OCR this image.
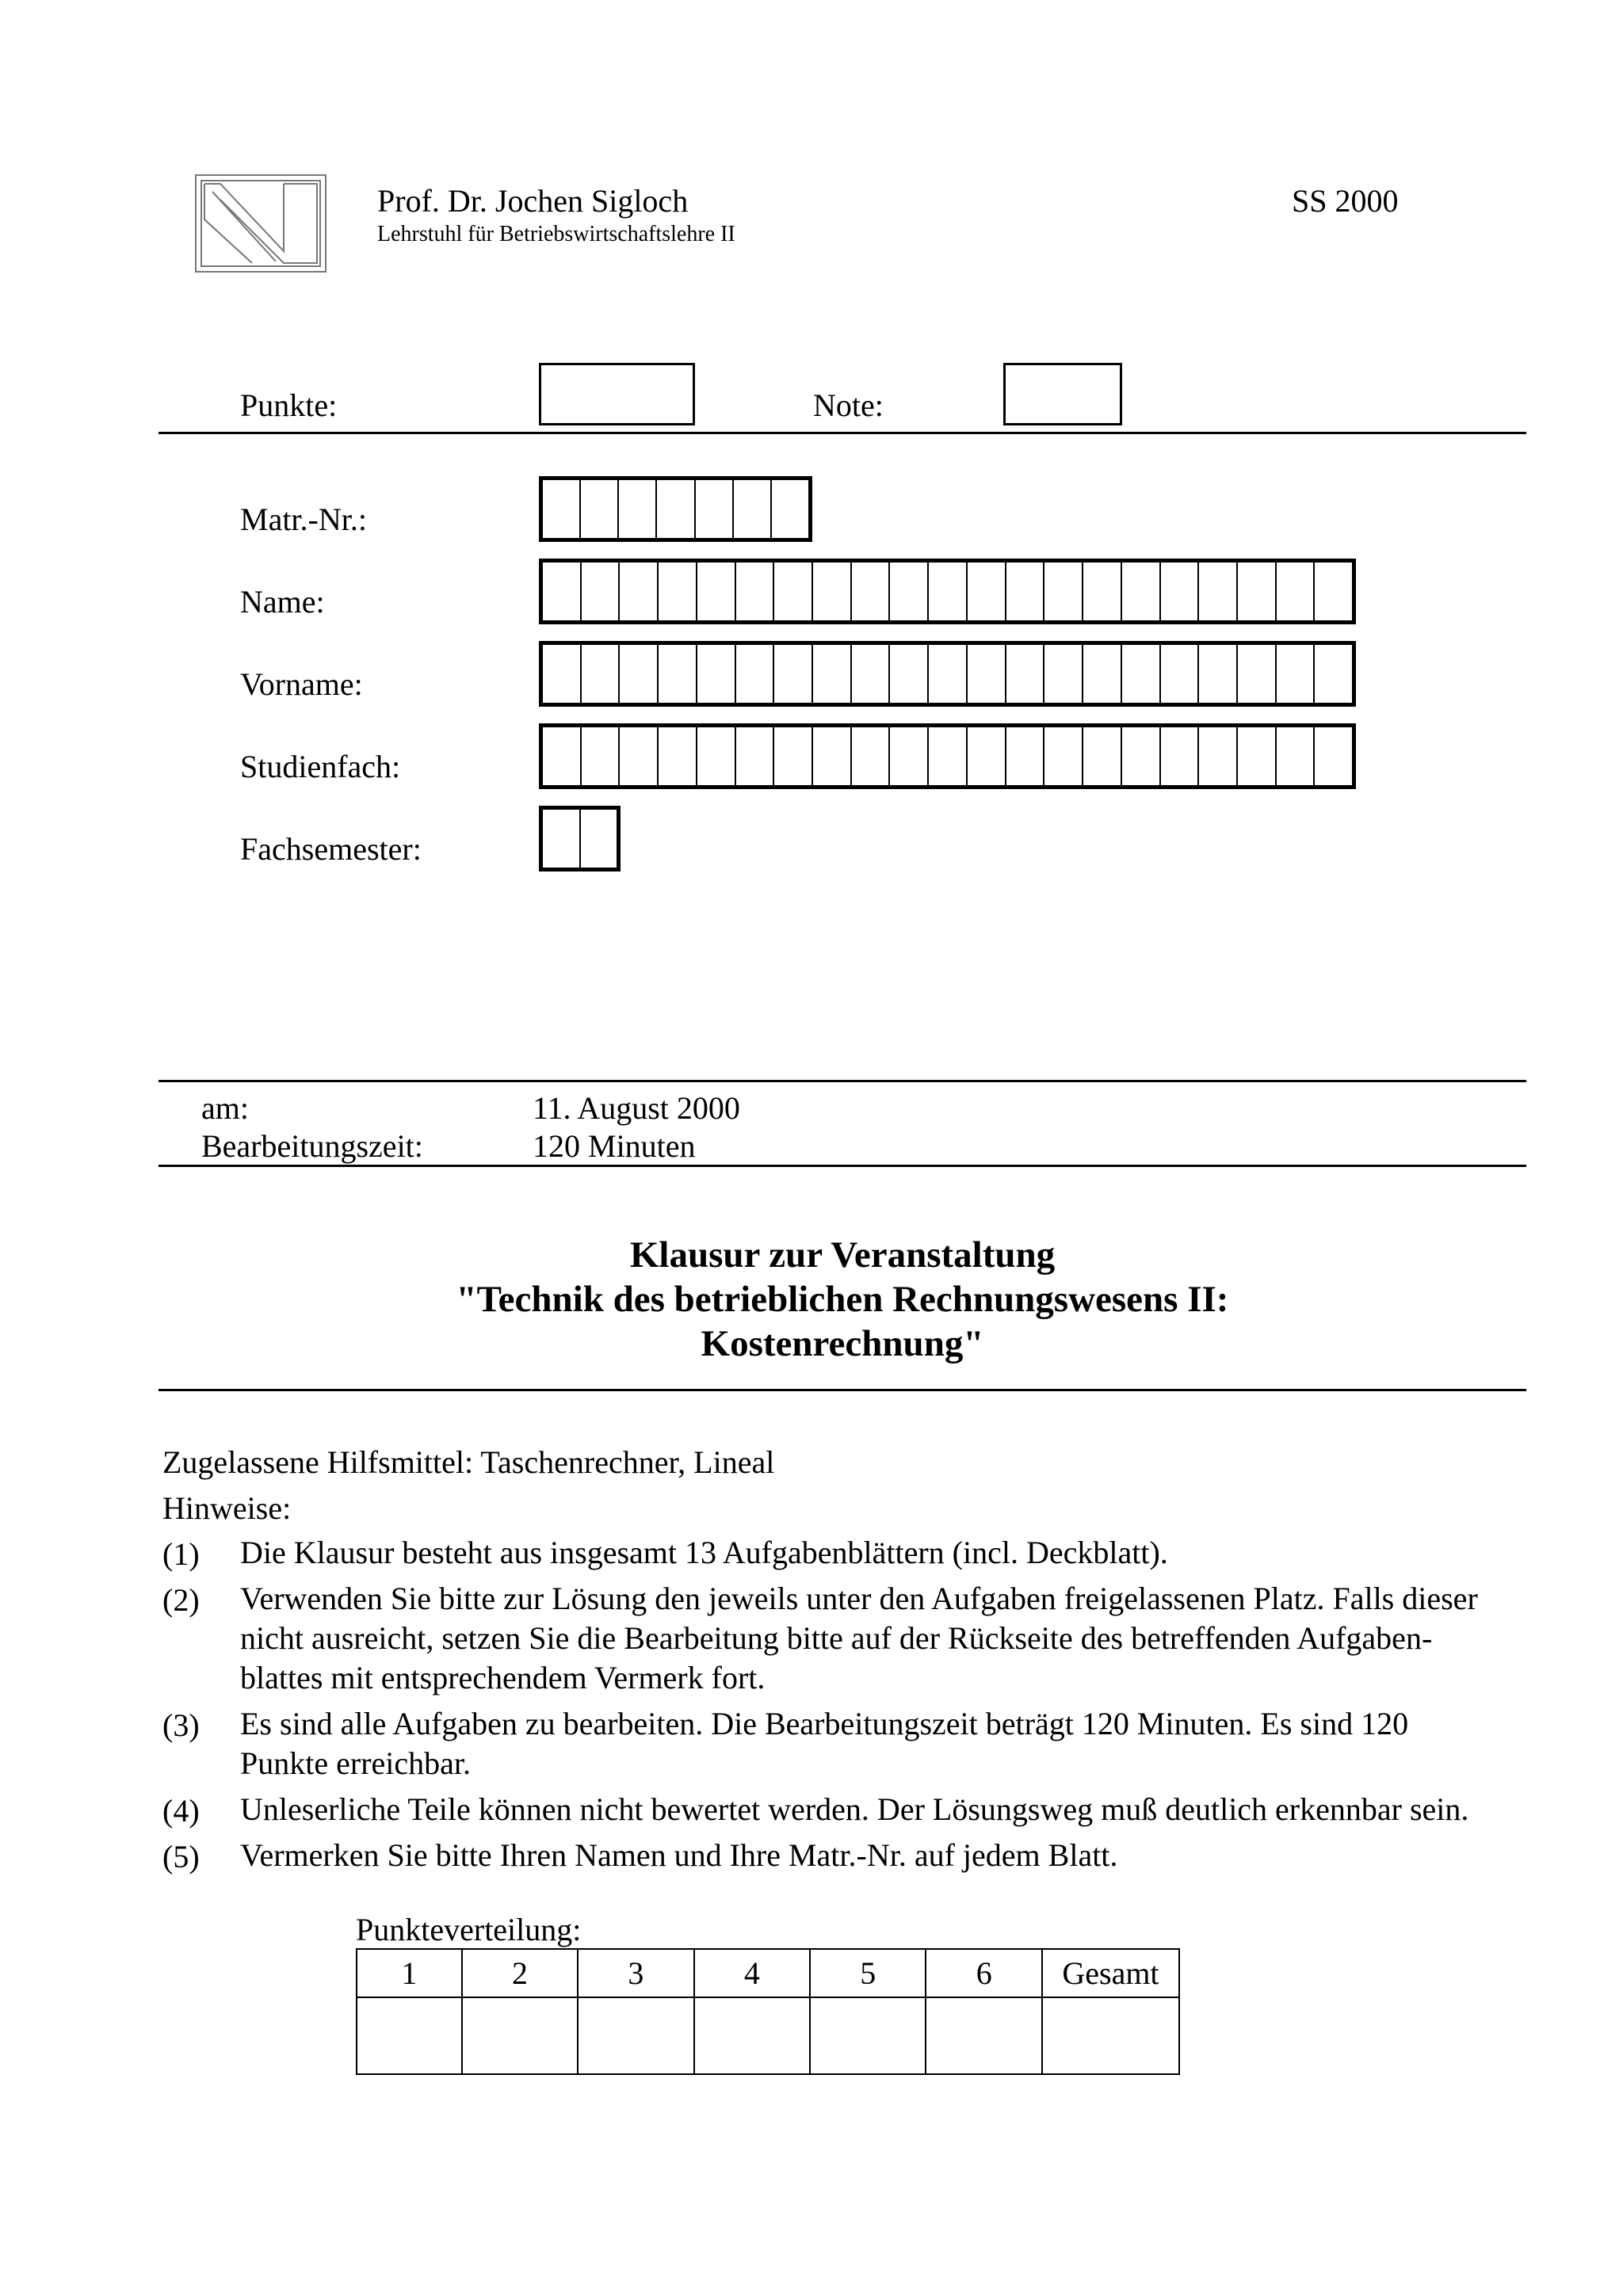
Prof. Dr. Jochen Sigloch
Lehrstuhl für Betriebswirtschaftslehre II
SS 2000
Punkte:	Note:
Matr.-Nr.:
Name:
Vorname:
Studienfach:
Fachsemester:
am:	11. August 2000
Bearbeitungszeit:	120 Minuten
Klausur zur Veranstaltung
"Technik des betrieblichen Rechnungswesens II:
Kostenrechnung"
Zugelassene Hilfsmittel: Taschenrechner, Lineal
Hinweise:
(1)	Die Klausur besteht aus insgesamt 13 Aufgabenblättern (incl. Deckblatt).
(2)	Verwenden Sie bitte zur Lösung den jeweils unter den Aufgaben freigelassenen Platz. Falls dieser
nicht ausreicht, setzen Sie die Bearbeitung bitte auf der Rückseite des betreffenden Aufgaben-
blattes mit entsprechendem Vermerk fort.
(3)	Es sind alle Aufgaben zu bearbeiten. Die Bearbeitungszeit beträgt 120 Minuten. Es sind 120
Punkte erreichbar.
(4)	Unleserliche Teile können nicht bewertet werden. Der Lösungsweg muß deutlich erkennbar sein.
(5)	Vermerken Sie bitte Ihren Namen und Ihre Matr.-Nr. auf jedem Blatt.
Punkteverteilung:
1	2	3	4	5	6	Gesamt
